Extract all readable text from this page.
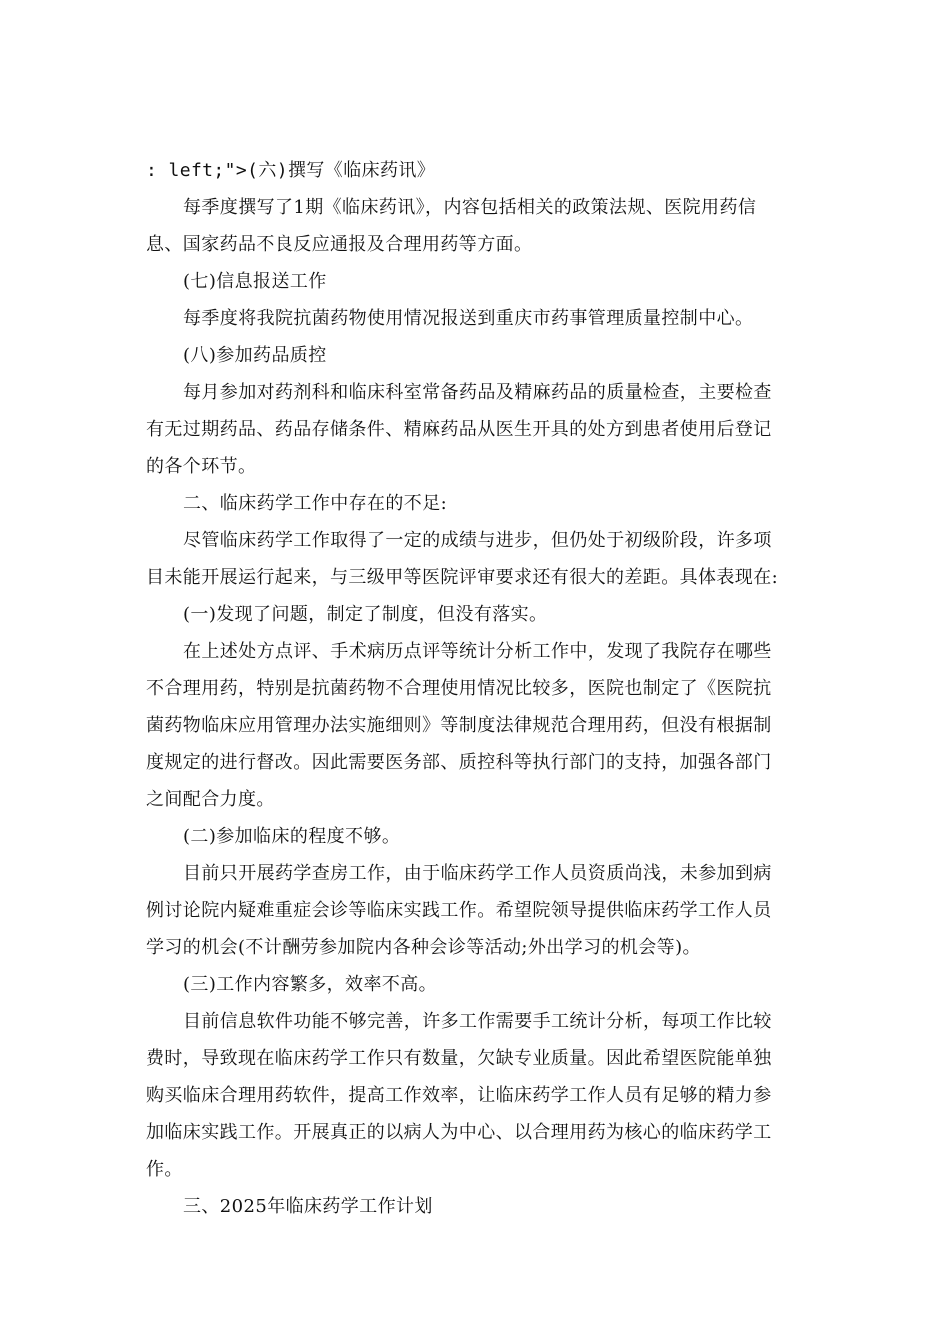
: left;">(六)撰写《临床药讯》

每季度撰写了1期《临床药讯》，内容包括相关的政策法规、医院用药信

息、国家药品不良反应通报及合理用药等方面。

(七)信息报送工作

每季度将我院抗菌药物使用情况报送到重庆市药事管理质量控制中心。

(八)参加药品质控

每月参加对药剂科和临床科室常备药品及精麻药品的质量检查，主要检查

有无过期药品、药品存储条件、精麻药品从医生开具的处方到患者使用后登记

的各个环节。

二、临床药学工作中存在的不足:

尽管临床药学工作取得了一定的成绩与进步，但仍处于初级阶段，许多项

目未能开展运行起来，与三级甲等医院评审要求还有很大的差距。具体表现在:

(一)发现了问题，制定了制度，但没有落实。

在上述处方点评、手术病历点评等统计分析工作中，发现了我院存在哪些

不合理用药，特别是抗菌药物不合理使用情况比较多，医院也制定了《医院抗

菌药物临床应用管理办法实施细则》等制度法律规范合理用药，但没有根据制

度规定的进行督改。因此需要医务部、质控科等执行部门的支持，加强各部门

之间配合力度。

(二)参加临床的程度不够。

目前只开展药学查房工作，由于临床药学工作人员资质尚浅，未参加到病

例讨论院内疑难重症会诊等临床实践工作。希望院领导提供临床药学工作人员

学习的机会(不计酬劳参加院内各种会诊等活动;外出学习的机会等)。

(三)工作内容繁多，效率不高。

目前信息软件功能不够完善，许多工作需要手工统计分析，每项工作比较

费时，导致现在临床药学工作只有数量，欠缺专业质量。因此希望医院能单独

购买临床合理用药软件，提高工作效率，让临床药学工作人员有足够的精力参

加临床实践工作。开展真正的以病人为中心、以合理用药为核心的临床药学工

作。

三、2025年临床药学工作计划
